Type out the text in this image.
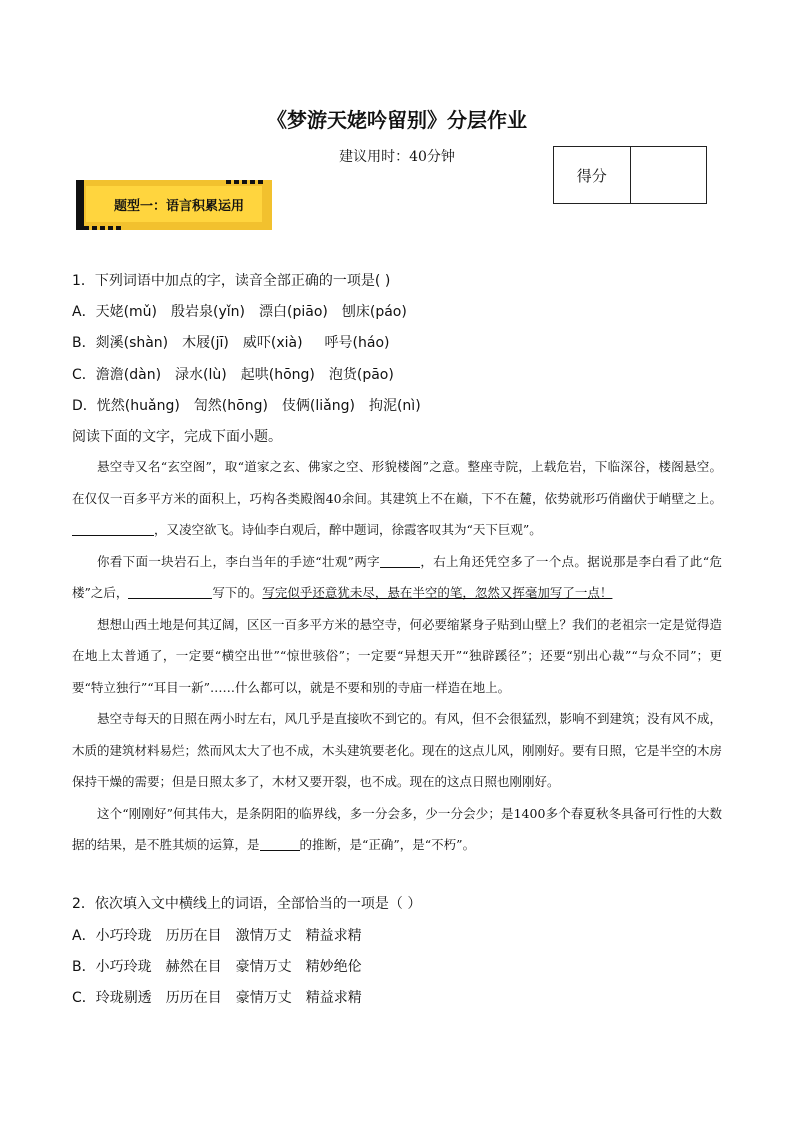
《梦游天姥吟留别》分层作业
建议用时：40分钟
得分
题型一：语言积累运用
1．下列词语中加点的字，读音全部正确的一项是( )
A．天姥(mǔ) 殷岩泉(yǐn) 漂白(piāo) 刨床(páo)
B．剡溪(shàn) 木屐(jī) 威吓(xià) 呼号(háo)
C．澹澹(dàn) 渌水(lù) 起哄(hōng) 泡货(pāo)
D．恍然(huǎng) 訇然(hōng) 伎俩(liǎng) 拘泥(nì)
阅读下面的文字，完成下面小题。

悬空寺又名“玄空阁”，取“道家之玄、佛家之空、形貌楼阁”之意。整座寺院，上载危岩，下临深谷，楼阁悬空。在仅仅一百多平方米的面积上，巧构各类殿阁40余间。其建筑上不在巅，下不在麓，依势就形巧俏幽伏于峭壁之上。，又凌空欲飞。诗仙李白观后，醉中题词，徐霞客叹其为“天下巨观”。

你看下面一块岩石上，李白当年的手迹“壮观”两字	，右上角还凭空多了一个点。据说那是李白看了此“危楼”之后，	写下的。写完似乎还意犹未尽，悬在半空的笔，忽然又挥毫加写了一点！

想想山西土地是何其辽阔，区区一百多平方米的悬空寺，何必要缩紧身子贴到山壁上？我们的老祖宗一定是觉得造在地上太普通了，一定要“横空出世”“惊世骇俗”；一定要“异想天开”“独辟蹊径”；还要“别出心裁”“与众不同”；更要“特立独行”“耳目一新”……什么都可以，就是不要和别的寺庙一样造在地上。

悬空寺每天的日照在两小时左右，风几乎是直接吹不到它的。有风，但不会很猛烈，影响不到建筑；没有风不成，木质的建筑材料易烂；然而风太大了也不成，木头建筑要老化。现在的这点儿风，刚刚好。要有日照，它是半空的木房保持干燥的需要；但是日照太多了，木材又要开裂，也不成。现在的这点日照也刚刚好。

这个“刚刚好”何其伟大，是条阴阳的临界线，多一分会多，少一分会少；是1400多个春夏秋冬具备可行性的大数据的结果，是不胜其烦的运算，是	的推断，是“正确”，是“不朽”。

2．依次填入文中横线上的词语，全部恰当的一项是（ ）
A．小巧玲珑 历历在目 激情万丈 精益求精
B．小巧玲珑 赫然在目 豪情万丈 精妙绝伦
C．玲珑剔透 历历在目 豪情万丈 精益求精
